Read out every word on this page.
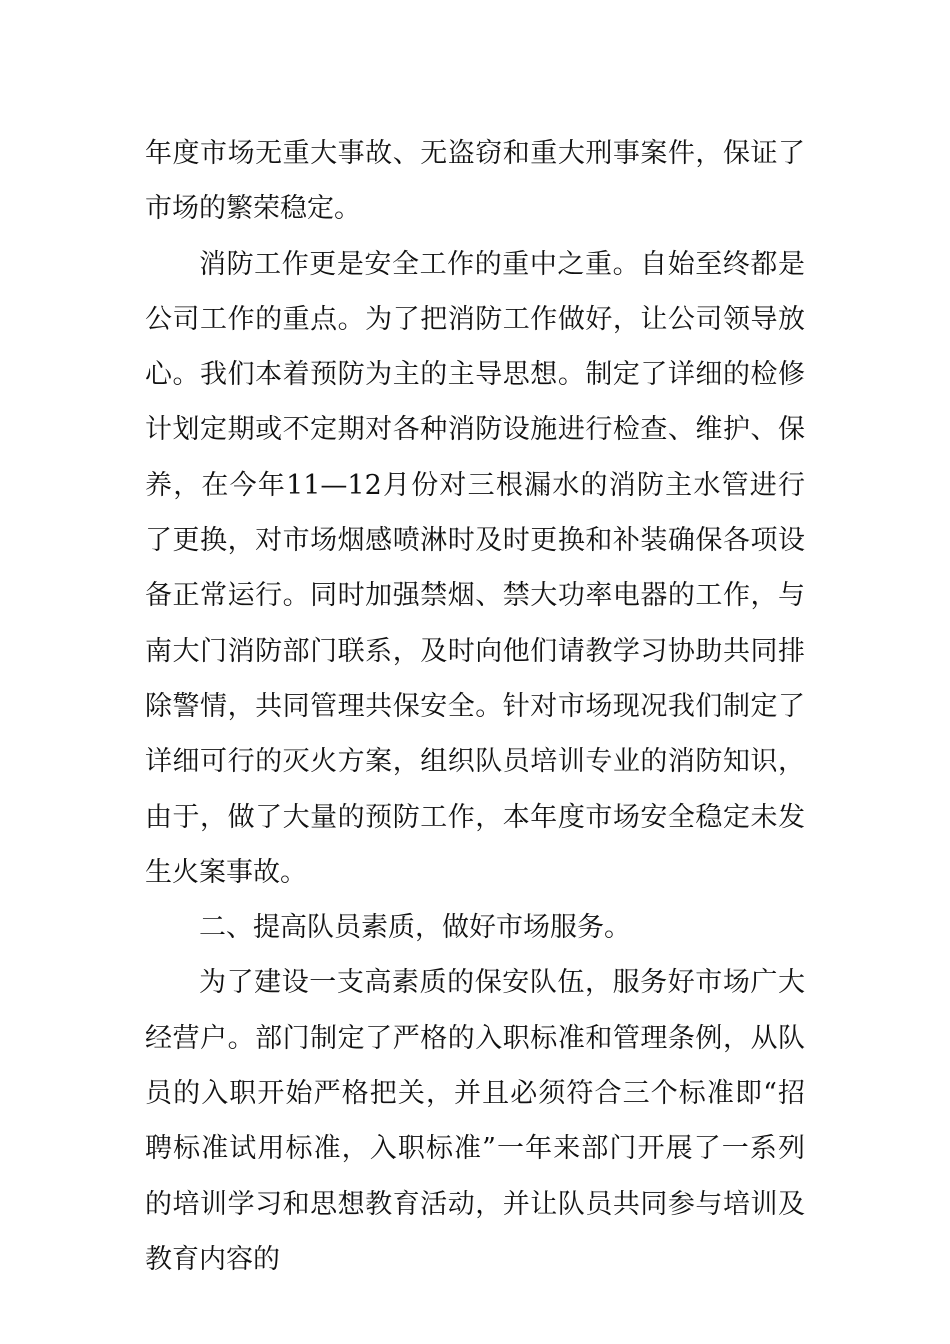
年度市场无重大事故、无盗窃和重大刑事案件，保证了市场的繁荣稳定。

消防工作更是安全工作的重中之重。自始至终都是公司工作的重点。为了把消防工作做好，让公司领导放心。我们本着预防为主的主导思想。制定了详细的检修计划定期或不定期对各种消防设施进行检查、维护、保养，在今年11—12月份对三根漏水的消防主水管进行了更换，对市场烟感喷淋时及时更换和补装确保各项设备正常运行。同时加强禁烟、禁大功率电器的工作，与南大门消防部门联系，及时向他们请教学习协助共同排除警情，共同管理共保安全。针对市场现况我们制定了详细可行的灭火方案，组织队员培训专业的消防知识，由于，做了大量的预防工作，本年度市场安全稳定未发生火案事故。

二、提高队员素质，做好市场服务。

为了建设一支高素质的保安队伍，服务好市场广大经营户。部门制定了严格的入职标准和管理条例，从队员的入职开始严格把关，并且必须符合三个标准即“招聘标准试用标准，入职标准”一年来部门开展了一系列的培训学习和思想教育活动，并让队员共同参与培训及教育内容的
